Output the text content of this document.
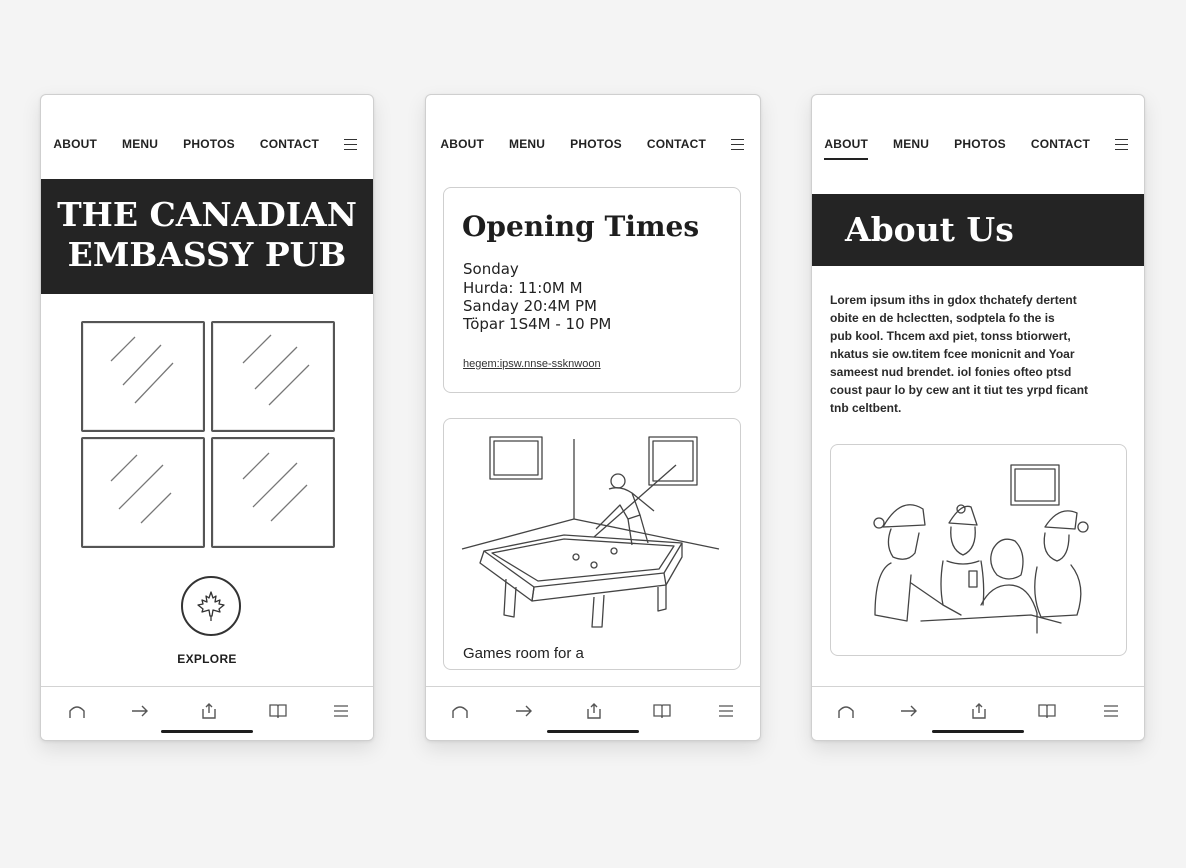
ABOUT MENU PHOTOS CONTACT
THE CANADIAN
EMBASSY PUB
EXPLORE
ABOUT MENU PHOTOS CONTACT
Opening Times
Sonday
Hurda: 11:0M M
Sanday 20:4M PM
Töpar 1S4M - 10 PM
hegem:ipsw.nnse-ssknwoon
Games room for a
ABOUT MENU PHOTOS CONTACT
About Us
Lorem ipsum iths in gdox thchatefy dertent
obite en de hclectten, sodptela fo the is
pub kool. Thcem axd piet, tonss btiorwert,
nkatus sie ow.titem fcee monicnit and Yoar
sameest nud brendet. iol fonies ofteo ptsd
coust paur lo by cew ant it tiut tes yrpd ficant
tnb celtbent.
